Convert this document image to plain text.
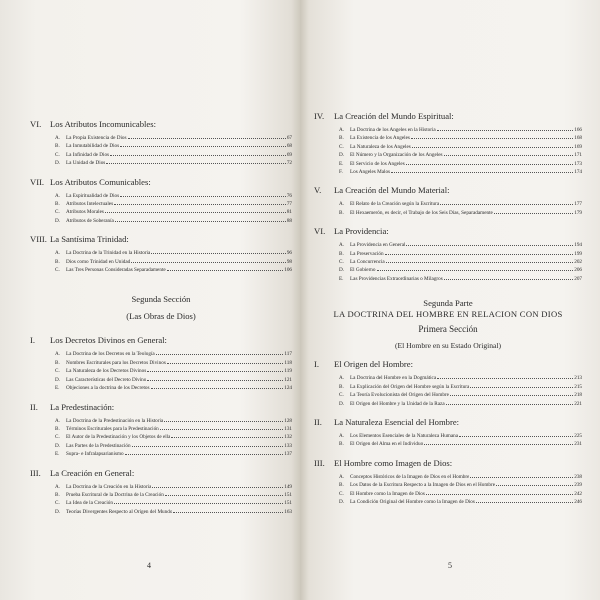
VI.	Los Atributos Incomunicables:
A.	La Propia Existencia de Dios	67
B.	La Inmutabilidad de Dios	68
C.	La Infinidad de Dios	69
D.	La Unidad de Dios	72
VII. Los Atributos Comunicables:
A.	La Espiritualidad de Dios	76
B.	Atributos Intelectuales	77
C.	Atributos Morales	81
D.	Atributos de Soberanía	88
VIII. La Santísima Trinidad:
A.	La Doctrina de la Trinidad en la Historia	96
B.	Dios como Trinidad en Unidad	98
C.	Las Tres Personas Consideradas Separadamente	106
Segunda Sección
(Las Obras de Dios)
I.	Los Decretos Divinos en General:
A.	La Doctrina de los Decretos en la Teología	117
B.	Nombres Escriturales para los Decretos Divinos	118
C.	La Naturaleza de los Decretos Divinos	119
D.	Las Características del Decreto Divino	121
E.	Objeciones a la doctrina de los Decretos	124
II.	La Predestinación:
A.	La Doctrina de la Predestinación en la Historia	128
B.	Términos Escriturales para la Predestinación	131
C.	El Autor de la Predestinación y los Objetos de ella	132
D.	Las Partes de la Predestinación	133
E.	Supra- e Infralapsarianismo	137
III.	La Creación en General:
A.	La Doctrina de la Creación en la Historia	149
B.	Prueba Escritural de la Doctrina de la Creación	151
C.	La Idea de la Creación	151
D.	Teorías Divergentes Respecto al Origen del Mundo	163
4
IV.	La Creación del Mundo Espiritual:
A.	La Doctrina de los Angeles en la Historia	166
B.	La Existencia de los Angeles	168
C.	La Naturaleza de los Angeles	169
D.	El Número y la Organización de los Angeles	171
E.	El Servicio de los Angeles	173
F.	Los Angeles Malos	174
V.	La Creación del Mundo Material:
A.	El Relato de la Creación según la Escritura	177
B.	El Hexaemerón, es decir, el Trabajo de los Seis Días, Separadamente	179
VI.	La Providencia:
A.	La Providencia en General	194
B.	La Preservación	199
C.	La Concurrencia	202
D.	El Gobierno	206
E.	Las Providencias Extraordinarias o Milagros	207
Segunda Parte
LA DOCTRINA DEL HOMBRE EN RELACION CON DIOS
Primera Sección
(El Hombre en su Estado Original)
I.	El Origen del Hombre:
A.	La Doctrina del Hombre en la Dogmática	213
B.	La Explicación del Origen del Hombre según la Escritura	215
C.	La Teoría Evolucionista del Origen del Hombre	218
D.	El Origen del Hombre y la Unidad de la Raza	221
II.	La Naturaleza Esencial del Hombre:
A.	Los Elementos Esenciales de la Naturaleza Humana	225
B.	El Origen del Alma en el Individuo	231
III.	El Hombre como Imagen de Dios:
A.	Conceptos Históricos de la Imagen de Dios en el Hombre	238
B.	Los Datos de la Escritura Respecto a la Imagen de Dios en el Hombre	239
C.	El Hombre como la Imagen de Dios	242
D.	La Condición Original del Hombre como la Imagen de Dios	246
5
